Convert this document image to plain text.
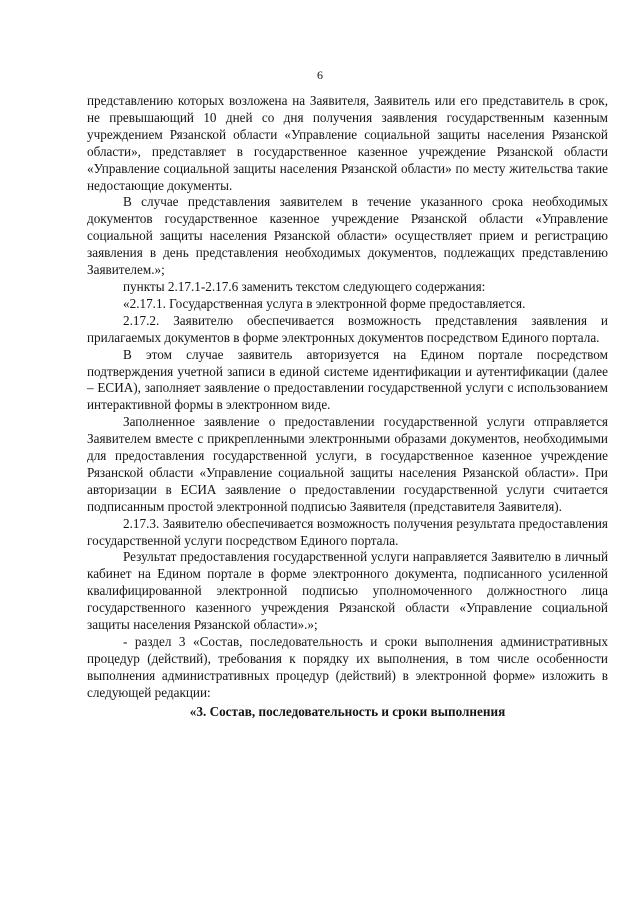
6

представлению которых возложена на Заявителя, Заявитель или его представитель в срок, не превышающий 10 дней со дня получения заявления государственным казенным учреждением Рязанской области «Управление социальной защиты населения Рязанской области», представляет в государственное казенное учреждение Рязанской области «Управление социальной защиты населения Рязанской области» по месту жительства такие недостающие документы.

В случае представления заявителем в течение указанного срока необходимых документов государственное казенное учреждение Рязанской области «Управление социальной защиты населения Рязанской области» осуществляет прием и регистрацию заявления в день представления необходимых документов, подлежащих представлению Заявителем.»;

пункты 2.17.1-2.17.6 заменить текстом следующего содержания:

«2.17.1. Государственная услуга в электронной форме предоставляется.

2.17.2. Заявителю обеспечивается возможность представления заявления и прилагаемых документов в форме электронных документов посредством Единого портала.

В этом случае заявитель авторизуется на Едином портале посредством подтверждения учетной записи в единой системе идентификации и аутентификации (далее – ЕСИА), заполняет заявление о предоставлении государственной услуги с использованием интерактивной формы в электронном виде.

Заполненное заявление о предоставлении государственной услуги отправляется Заявителем вместе с прикрепленными электронными образами документов, необходимыми для предоставления государственной услуги, в государственное казенное учреждение Рязанской области «Управление социальной защиты населения Рязанской области». При авторизации в ЕСИА заявление о предоставлении государственной услуги считается подписанным простой электронной подписью Заявителя (представителя Заявителя).

2.17.3. Заявителю обеспечивается возможность получения результата предоставления государственной услуги посредством Единого портала.

Результат предоставления государственной услуги направляется Заявителю в личный кабинет на Едином портале в форме электронного документа, подписанного усиленной квалифицированной электронной подписью уполномоченного должностного лица государственного казенного учреждения Рязанской области «Управление социальной защиты населения Рязанской области».»;

- раздел 3 «Состав, последовательность и сроки выполнения административных процедур (действий), требования к порядку их выполнения, в том числе особенности выполнения административных процедур (действий) в электронной форме» изложить в следующей редакции:

«3. Состав, последовательность и сроки выполнения
